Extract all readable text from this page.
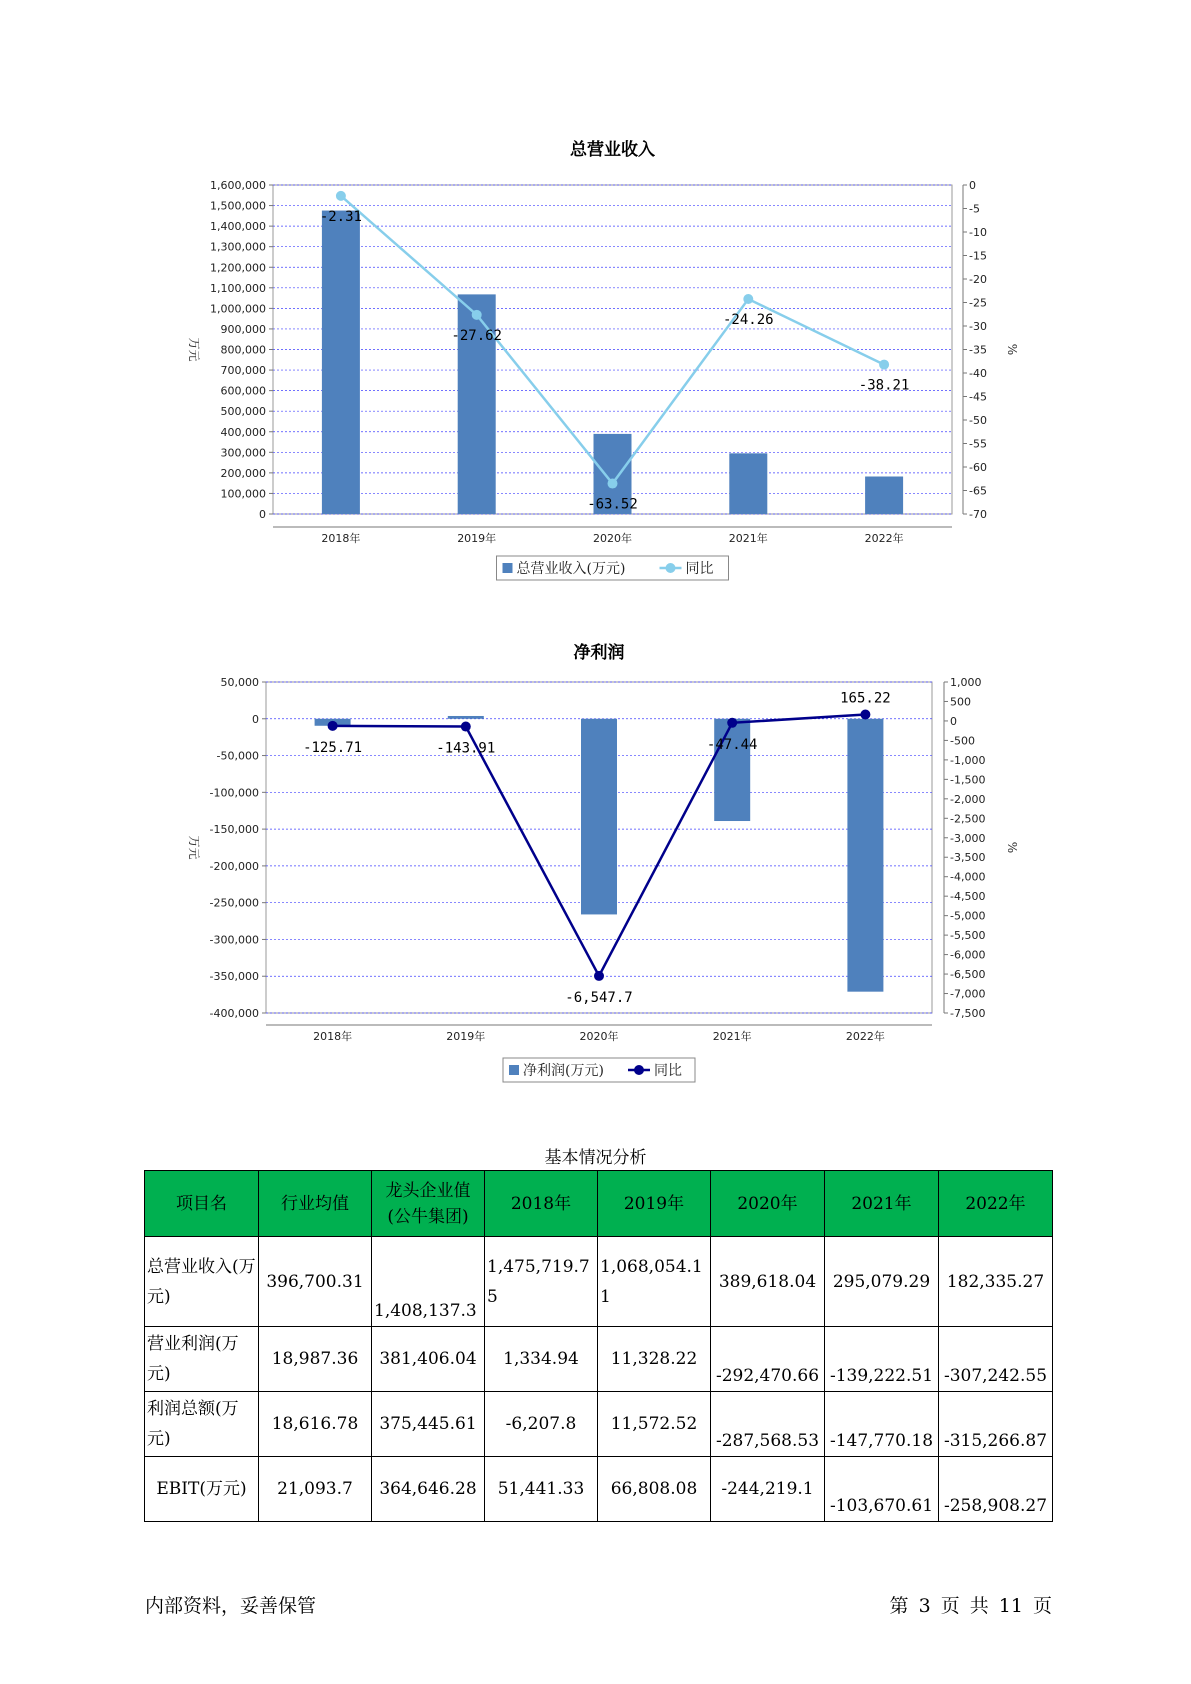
总营业收入
0
100,000
200,000
300,000
400,000
500,000
600,000
700,000
800,000
900,000
1,000,000
1,100,000
1,200,000
1,300,000
1,400,000
1,500,000
1,600,000	0
-5
-10
-15
-20
-25
-30
-35
-40
-45
-50
-55
-60
-65
-70
万元	%
2018年	2019年	2020年	2021年	2022年
-2.31
-27.62
-63.52
-24.26
-38.21
总营业收入(万元)	同比
净利润
50,000
0
-50,000
-100,000
-150,000
-200,000
-250,000
-300,000
-350,000
-400,000
1,000
500
0
-500
-1,000
-1,500
-2,000
-2,500
-3,000
-3,500
-4,000
-4,500
-5,000
-5,500
-6,000
-6,500
-7,000
-7,500
万元	%
2018年	2019年	2020年	2021年	2022年
-125.71	-143.91
-6,547.7
-47.44
165.22
净利润(万元)	同比
基本情况分析
项目名	行业均值	龙头企业值(公牛集团)	2018年	2019年	2020年	2021年	2022年
总营业收入(万元)	396,700.31	1,408,137.3	1,475,719.75	1,068,054.11	389,618.04	295,079.29	182,335.27
营业利润(万元)	18,987.36	381,406.04	1,334.94	11,328.22	-292,470.66	-139,222.51	-307,242.55
利润总额(万元)	18,616.78	375,445.61	-6,207.8	11,572.52	-287,568.53	-147,770.18	-315,266.87
EBIT(万元)	21,093.7	364,646.28	51,441.33	66,808.08	-244,219.1	-103,670.61	-258,908.27
内部资料，妥善保管	第 3 页 共 11 页
